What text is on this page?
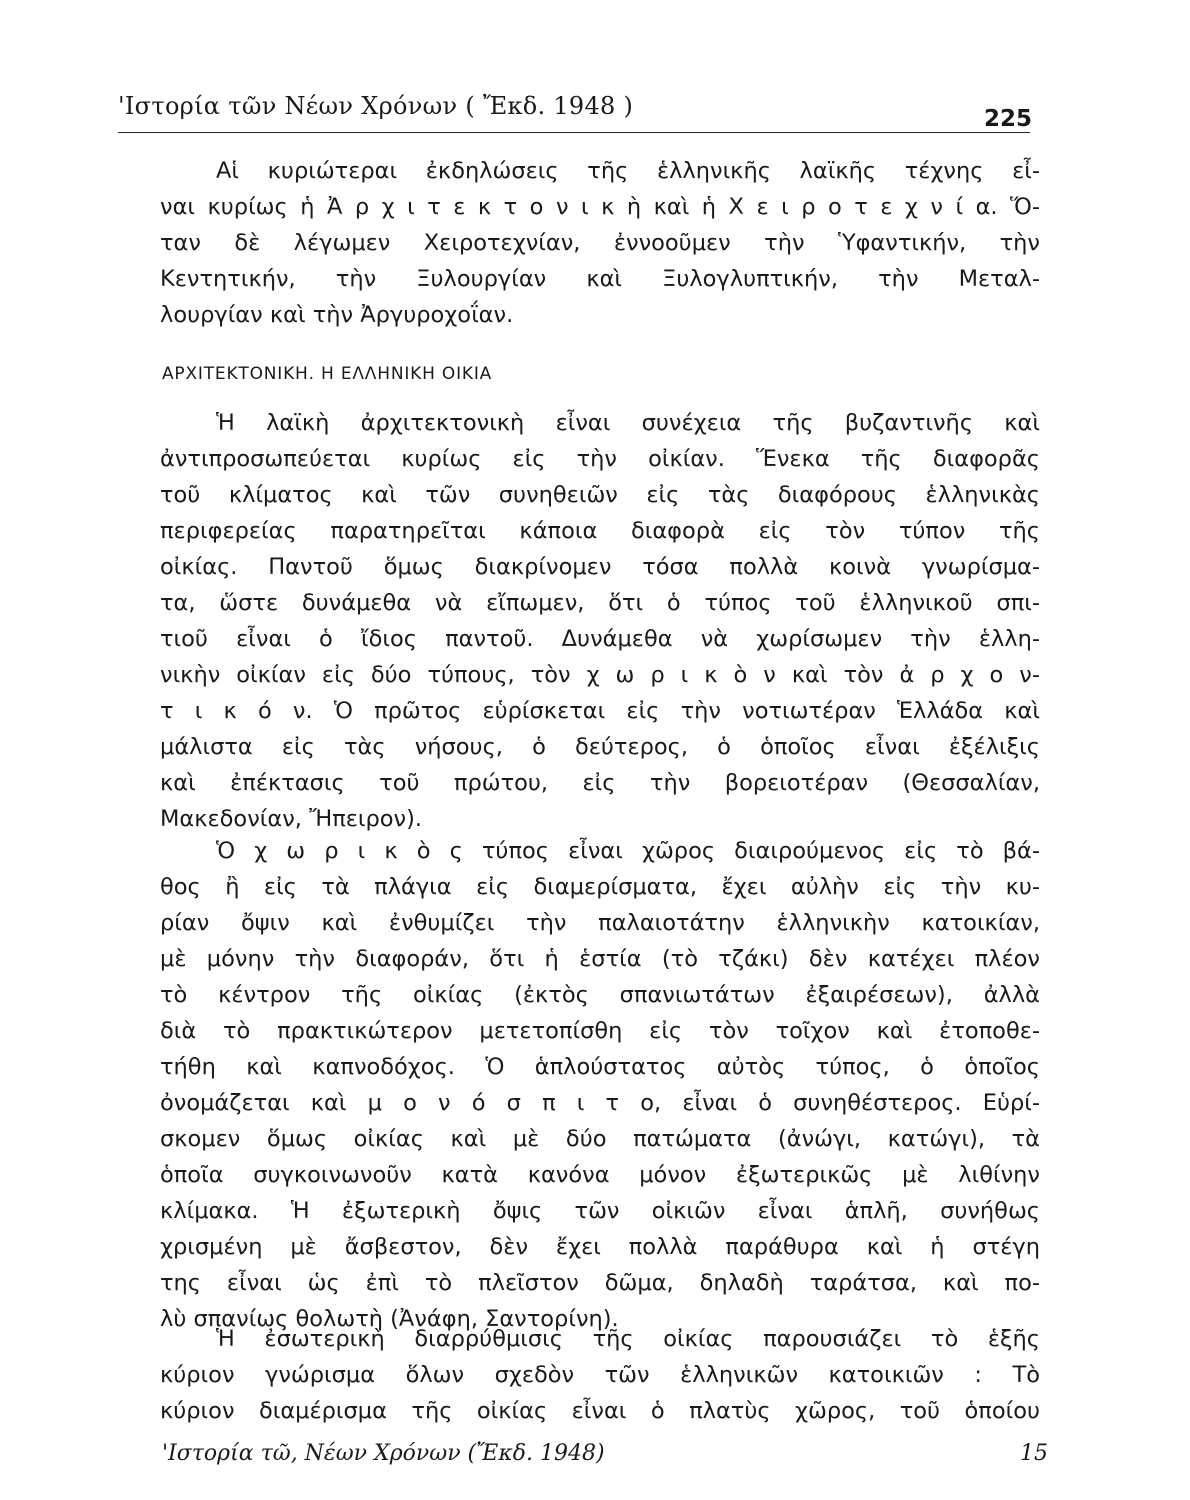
'Ιστορία τῶν Νέων Χρόνων ( Ἔκδ. 1948 )	225
Αἱ κυριώτεραι ἐκδηλώσεις τῆς ἑλληνικῆς λαϊκῆς τέχνης εἶ-
ναι κυρίως ἡ Ἀ ρ χ ι τ ε κ τ ο ν ι κ ὴ καὶ ἡ Χ ε ι ρ ο τ ε χ ν ί α. Ὅ-
ταν δὲ λέγωμεν Χειροτεχνίαν, ἐννοοῦμεν τὴν Ὑφαντικήν, τὴν
Κεντητικήν, τὴν Ξυλουργίαν καὶ Ξυλογλυπτικήν, τὴν Μεταλ-
λουργίαν καὶ τὴν Ἀργυροχοΐαν.
ΑΡΧΙΤΕΚΤΟΝΙΚΗ. Η ΕΛΛΗΝΙΚΗ ΟΙΚΙΑ
Ἡ λαϊκὴ ἀρχιτεκτονικὴ εἶναι συνέχεια τῆς βυζαντινῆς καὶ
ἀντιπροσωπεύεται κυρίως εἰς τὴν οἰκίαν. Ἕνεκα τῆς διαφορᾶς
τοῦ κλίματος καὶ τῶν συνηθειῶν εἰς τὰς διαφόρους ἑλληνικὰς
περιφερείας παρατηρεῖται κάποια διαφορὰ εἰς τὸν τύπον τῆς
οἰκίας. Παντοῦ ὅμως διακρίνομεν τόσα πολλὰ κοινὰ γνωρίσμα-
τα, ὥστε δυνάμεθα νὰ εἴπωμεν, ὅτι ὁ τύπος τοῦ ἑλληνικοῦ σπι-
τιοῦ εἶναι ὁ ἴδιος παντοῦ. Δυνάμεθα νὰ χωρίσωμεν τὴν ἑλλη-
νικὴν οἰκίαν εἰς δύο τύπους, τὸν χ ω ρ ι κ ὸ ν καὶ τὸν ἀ ρ χ ο ν-
τ ι κ ό ν. Ὁ πρῶτος εὑρίσκεται εἰς τὴν νοτιωτέραν Ἑλλάδα καὶ
μάλιστα εἰς τὰς νήσους, ὁ δεύτερος, ὁ ὁποῖος εἶναι ἐξέλιξις
καὶ ἐπέκτασις τοῦ πρώτου, εἰς τὴν βορειοτέραν (Θεσσαλίαν,
Μακεδονίαν, Ἤπειρον).
Ὁ χ ω ρ ι κ ὸ ς τύπος εἶναι χῶρος διαιρούμενος εἰς τὸ βά-
θος ἢ εἰς τὰ πλάγια εἰς διαμερίσματα, ἔχει αὐλὴν εἰς τὴν κυ-
ρίαν ὄψιν καὶ ἐνθυμίζει τὴν παλαιοτάτην ἑλληνικὴν κατοικίαν,
μὲ μόνην τὴν διαφοράν, ὅτι ἡ ἑστία (τὸ τζάκι) δὲν κατέχει πλέον
τὸ κέντρον τῆς οἰκίας (ἐκτὸς σπανιωτάτων ἐξαιρέσεων), ἀλλὰ
διὰ τὸ πρακτικώτερον μετετοπίσθη εἰς τὸν τοῖχον καὶ ἐτοποθε-
τήθη καὶ καπνοδόχος. Ὁ ἁπλούστατος αὐτὸς τύπος, ὁ ὁποῖος
ὀνομάζεται καὶ μ ο ν ό σ π ι τ ο, εἶναι ὁ συνηθέστερος. Εὑρί-
σκομεν ὅμως οἰκίας καὶ μὲ δύο πατώματα (ἀνώγι, κατώγι), τὰ
ὁποῖα συγκοινωνοῦν κατὰ κανόνα μόνον ἐξωτερικῶς μὲ λιθίνην
κλίμακα. Ἡ ἐξωτερικὴ ὄψις τῶν οἰκιῶν εἶναι ἁπλῆ, συνήθως
χρισμένη μὲ ἄσβεστον, δὲν ἔχει πολλὰ παράθυρα καὶ ἡ στέγη
της εἶναι ὡς ἐπὶ τὸ πλεῖστον δῶμα, δηλαδὴ ταράτσα, καὶ πο-
λὺ σπανίως θολωτὴ (Ἀνάφη, Σαντορίνη).
Ἡ ἐσωτερικὴ διαρρύθμισις τῆς οἰκίας παρουσιάζει τὸ ἑξῆς
κύριον γνώρισμα ὅλων σχεδὸν τῶν ἑλληνικῶν κατοικιῶν : Τὸ
κύριον διαμέρισμα τῆς οἰκίας εἶναι ὁ πλατὺς χῶρος, τοῦ ὁποίου
'Ιστορία τῶ, Νέων Χρόνων (Ἔκδ. 1948)	15
